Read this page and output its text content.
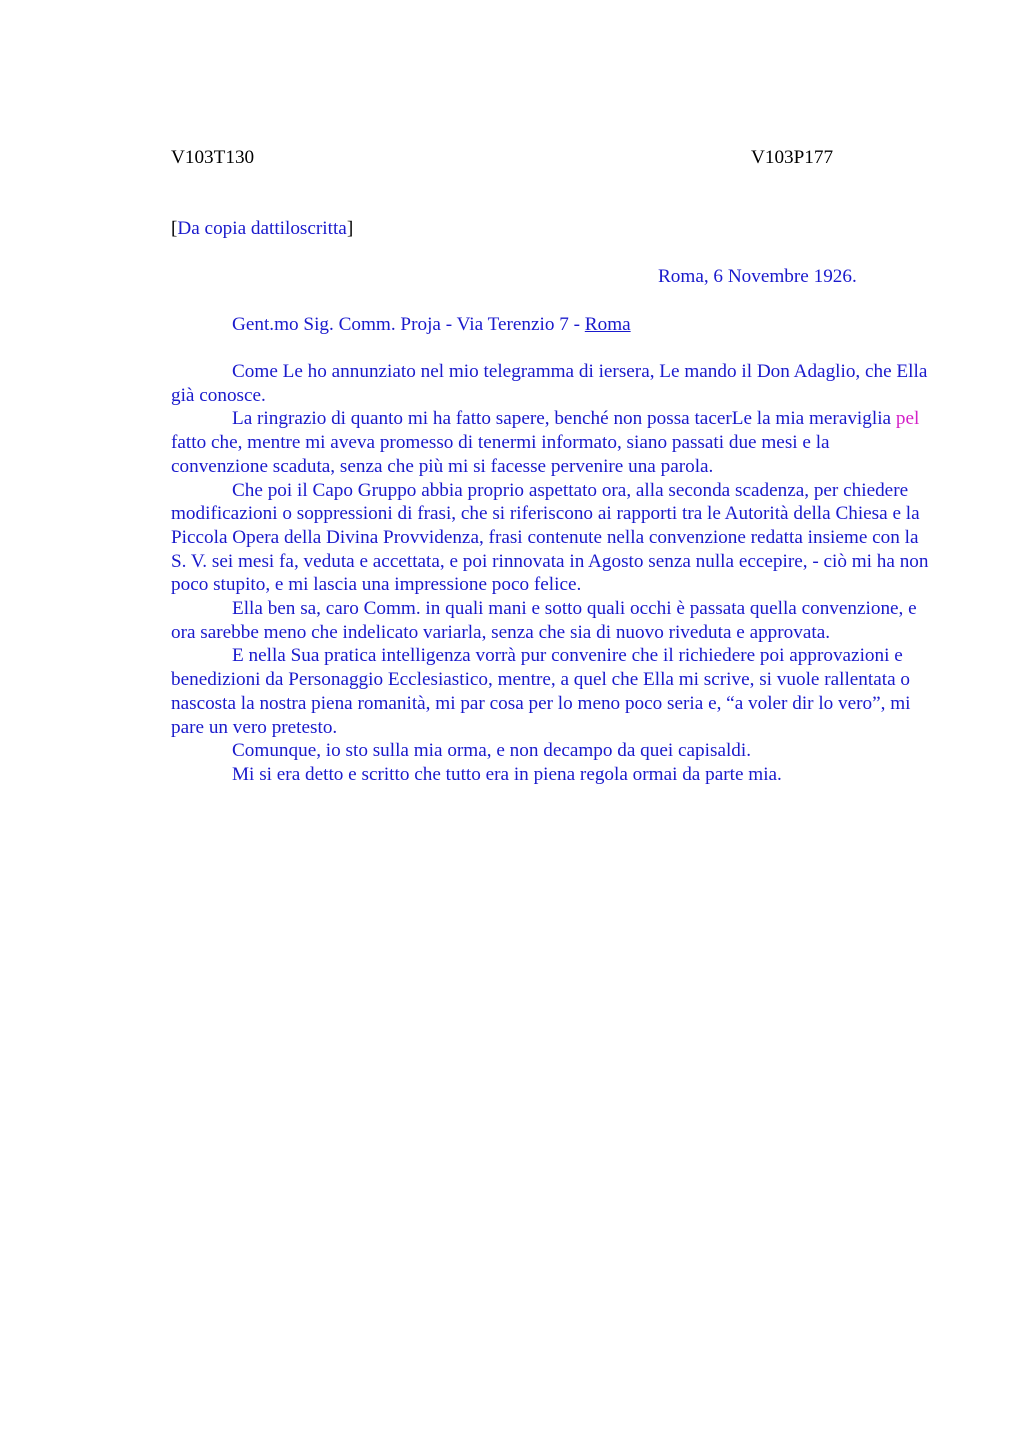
V103T130	V103P177
[Da copia dattiloscritta]
Roma, 6 Novembre 1926.
Gent.mo Sig. Comm. Proja - Via Terenzio 7 - Roma

Come Le ho annunziato nel mio telegramma di iersera, Le mando il Don Adaglio, che Ella già conosce.

La ringrazio di quanto mi ha fatto sapere, benché non possa tacerLe la mia meraviglia pel fatto che, mentre mi aveva promesso di tenermi informato, siano passati due mesi e la convenzione scaduta, senza che più mi si facesse pervenire una parola.

Che poi il Capo Gruppo abbia proprio aspettato ora, alla seconda scadenza, per chiedere modificazioni o soppressioni di frasi, che si riferiscono ai rapporti tra le Autorità della Chiesa e la Piccola Opera della Divina Provvidenza, frasi contenute nella convenzione redatta insieme con la S. V. sei mesi fa, veduta e accettata, e poi rinnovata in Agosto senza nulla eccepire, - ciò mi ha non poco stupito, e mi lascia una impressione poco felice.

Ella ben sa, caro Comm. in quali mani e sotto quali occhi è passata quella convenzione, e ora sarebbe meno che indelicato variarla, senza che sia di nuovo riveduta e approvata.

E nella Sua pratica intelligenza vorrà pur convenire che il richiedere poi approvazioni e benedizioni da Personaggio Ecclesiastico, mentre, a quel che Ella mi scrive, si vuole rallentata o nascosta la nostra piena romanità, mi par cosa per lo meno poco seria e, “a voler dir lo vero”, mi pare un vero pretesto.

Comunque, io sto sulla mia orma, e non decampo da quei capisaldi.

Mi si era detto e scritto che tutto era in piena regola ormai da parte mia.
